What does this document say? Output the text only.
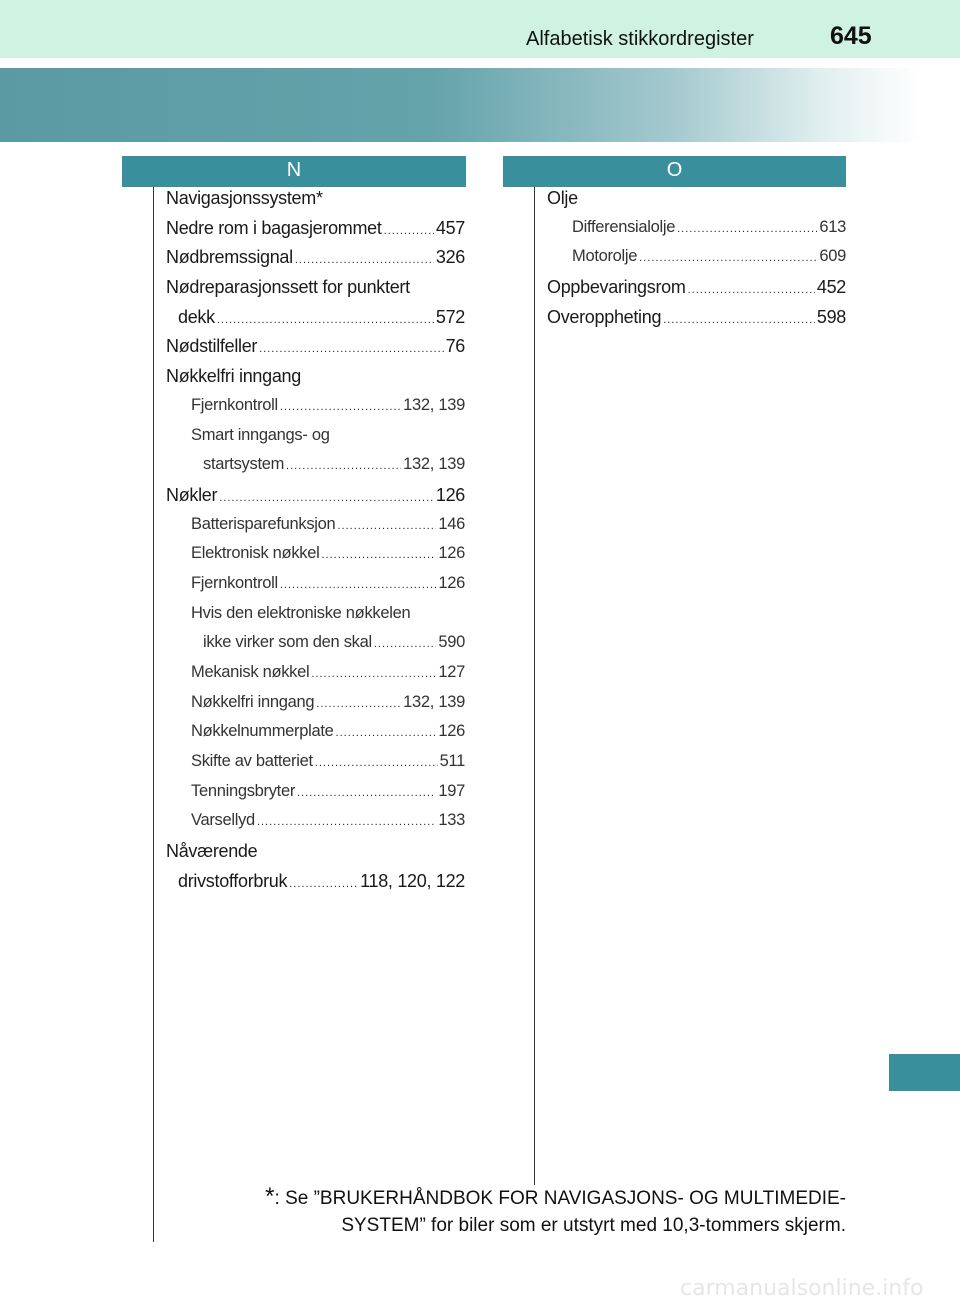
Alfabetisk stikkordregister	645
N	O
Navigasjonssystem*
Nedre rom i bagasjerommet .....	457
Nødbremssignal .....	326
Nødreparasjonssett for punktert
dekk .....	572
Nødstilfeller .....	76
Nøkkelfri inngang
Fjernkontroll .....	132, 139
Smart inngangs- og
startsystem .....	132, 139
Nøkler .....	126
Batterisparefunksjon .....	146
Elektronisk nøkkel .....	126
Fjernkontroll .....	126
Hvis den elektroniske nøkkelen
ikke virker som den skal .....	590
Mekanisk nøkkel .....	127
Nøkkelfri inngang .....	132, 139
Nøkkelnummerplate .....	126
Skifte av batteriet .....	511
Tenningsbryter .....	197
Varsellyd .....	133
Nåværende
drivstofforbruk .....	118, 120, 122
Olje
Differensialolje .....	613
Motorolje .....	609
Oppbevaringsrom .....	452
Overoppheting .....	598
*: Se ”BRUKERHÅNDBOK FOR NAVIGASJONS- OG MULTIMEDIE-
SYSTEM” for biler som er utstyrt med 10,3-tommers skjerm.
carmanualsonline.info
